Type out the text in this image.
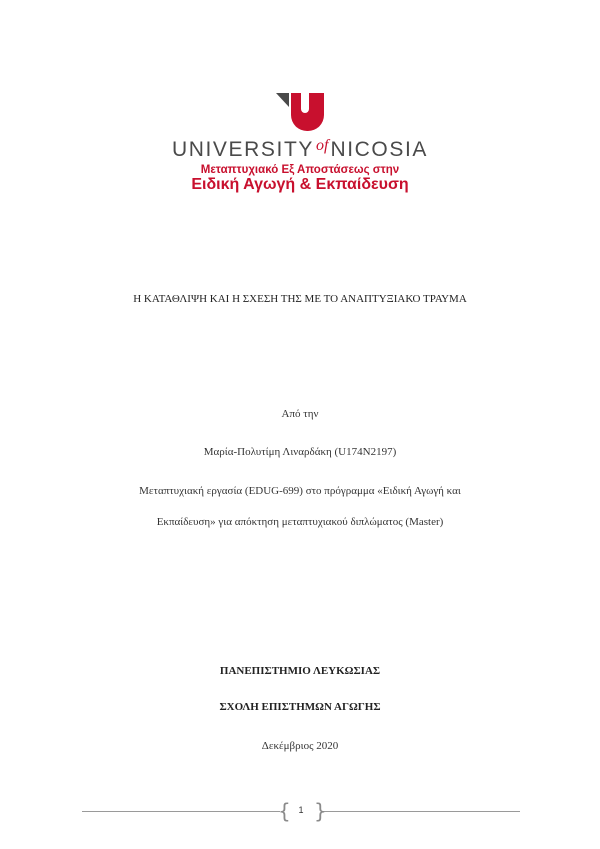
UNIVERSITY $^{of}$NICOSIA
Μεταπτυχιακό Εξ Αποστάσεως στην
Ειδική Αγωγή & Εκπαίδευση
Η ΚΑΤΑΘΛΙΨΗ ΚΑΙ Η ΣΧΕΣΗ ΤΗΣ ΜΕ ΤΟ ΑΝΑΠΤΥΞΙΑΚΟ ΤΡΑΥΜΑ
Από την
Μαρία-Πολυτίμη Λιναρδάκη (U174N2197)
Μεταπτυχιακή εργασία (EDUG-699) στο πρόγραμμα «Ειδική Αγωγή και
Εκπαίδευση» για απόκτηση μεταπτυχιακού διπλώματος (Master)
ΠΑΝΕΠΙΣΤΗΜΙΟ ΛΕΥΚΩΣΙΑΣ
ΣΧΟΛΗ ΕΠΙΣΤΗΜΩΝ ΑΓΩΓΗΣ
Δεκέμβριος 2020
{ }
1
